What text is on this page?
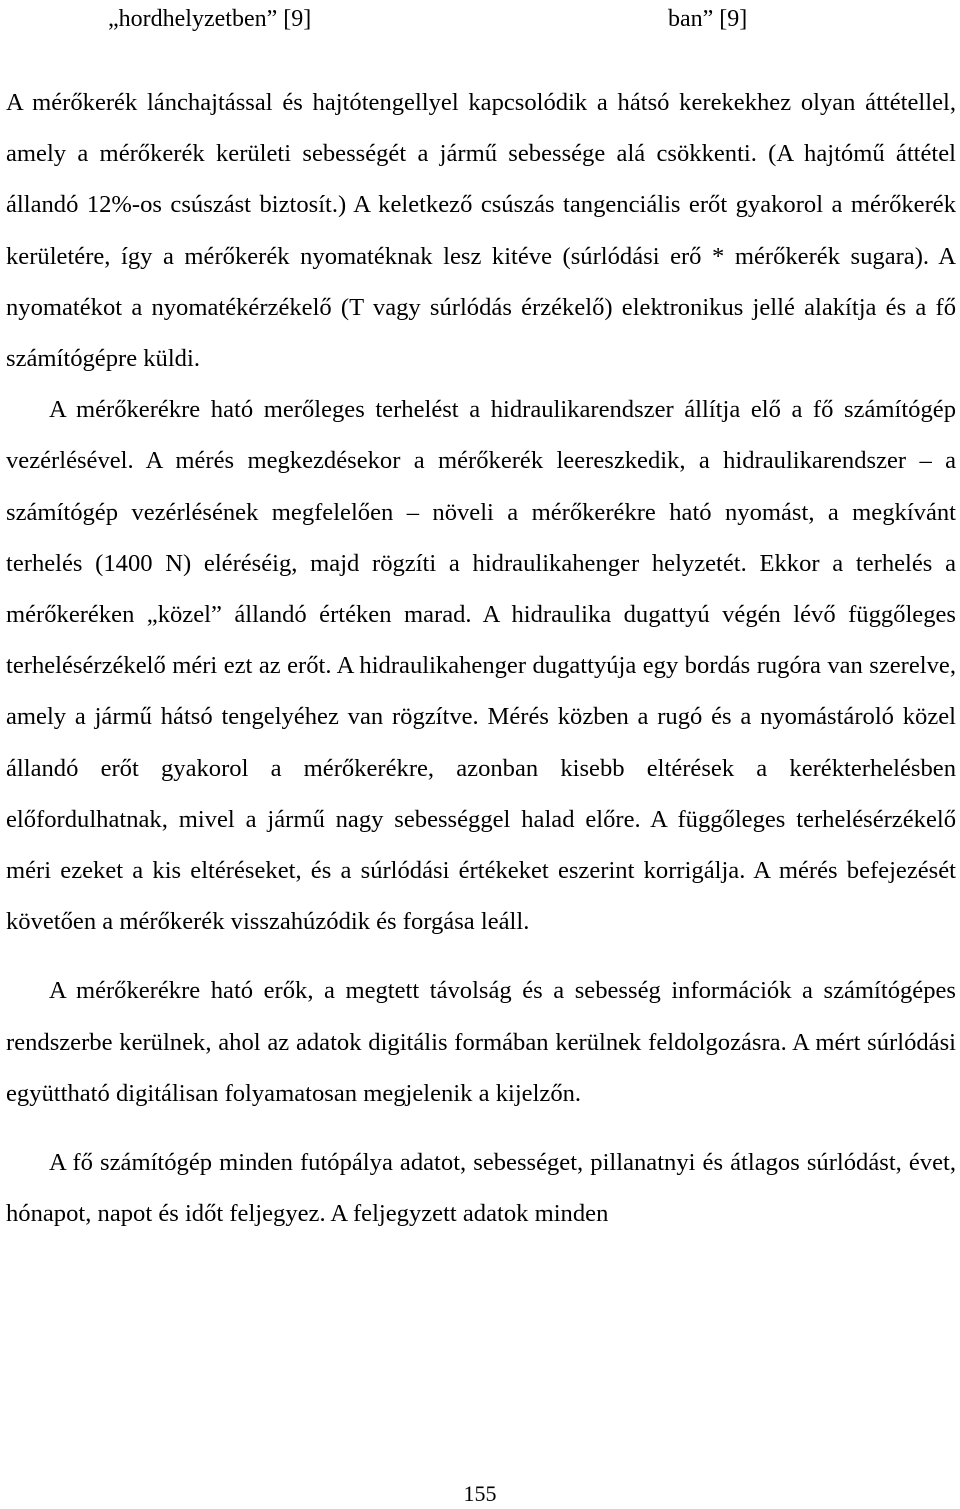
„hordhelyzetben” [9]	ban” [9]

A mérőkerék lánchajtással és hajtótengellyel kapcsolódik a hátsó kerekekhez olyan áttétellel, amely a mérőkerék kerületi sebességét a jármű sebessége alá csökkenti. (A hajtómű áttétel állandó 12%-os csúszást biztosít.) A keletkező csúszás tangenciális erőt gyakorol a mérőkerék kerületére, így a mérőkerék nyomatéknak lesz kitéve (súrlódási erő * mérőkerék sugara). A nyomatékot a nyomatékérzékelő (T vagy súrlódás érzékelő) elektronikus jellé alakítja és a fő számítógépre küldi.

A mérőkerékre ható merőleges terhelést a hidraulikarendszer állítja elő a fő számítógép vezérlésével. A mérés megkezdésekor a mérőkerék leereszkedik, a hidraulikarendszer – a számítógép vezérlésének megfelelően – növeli a mérőkerékre ható nyomást, a megkívánt terhelés (1400 N) eléréséig, majd rögzíti a hidraulikahenger helyzetét. Ekkor a terhelés a mérőkeréken „közel” állandó értéken marad. A hidraulika dugattyú végén lévő függőleges terhelésérzékelő méri ezt az erőt. A hidraulikahenger dugattyúja egy bordás rugóra van szerelve, amely a jármű hátsó tengelyéhez van rögzítve. Mérés közben a rugó és a nyomástároló közel állandó erőt gyakorol a mérőkerékre, azonban kisebb eltérések a kerékterhelésben előfordulhatnak, mivel a jármű nagy sebességgel halad előre. A függőleges terhelésérzékelő méri ezeket a kis eltéréseket, és a súrlódási értékeket eszerint korrigálja. A mérés befejezését követően a mérőkerék visszahúzódik és forgása leáll.

A mérőkerékre ható erők, a megtett távolság és a sebesség információk a számítógépes rendszerbe kerülnek, ahol az adatok digitális formában kerülnek feldolgozásra. A mért súrlódási együttható digitálisan folyamatosan megjelenik a kijelzőn.

A fő számítógép minden futópálya adatot, sebességet, pillanatnyi és átlagos súrlódást, évet, hónapot, napot és időt feljegyez. A feljegyzett adatok minden

155
